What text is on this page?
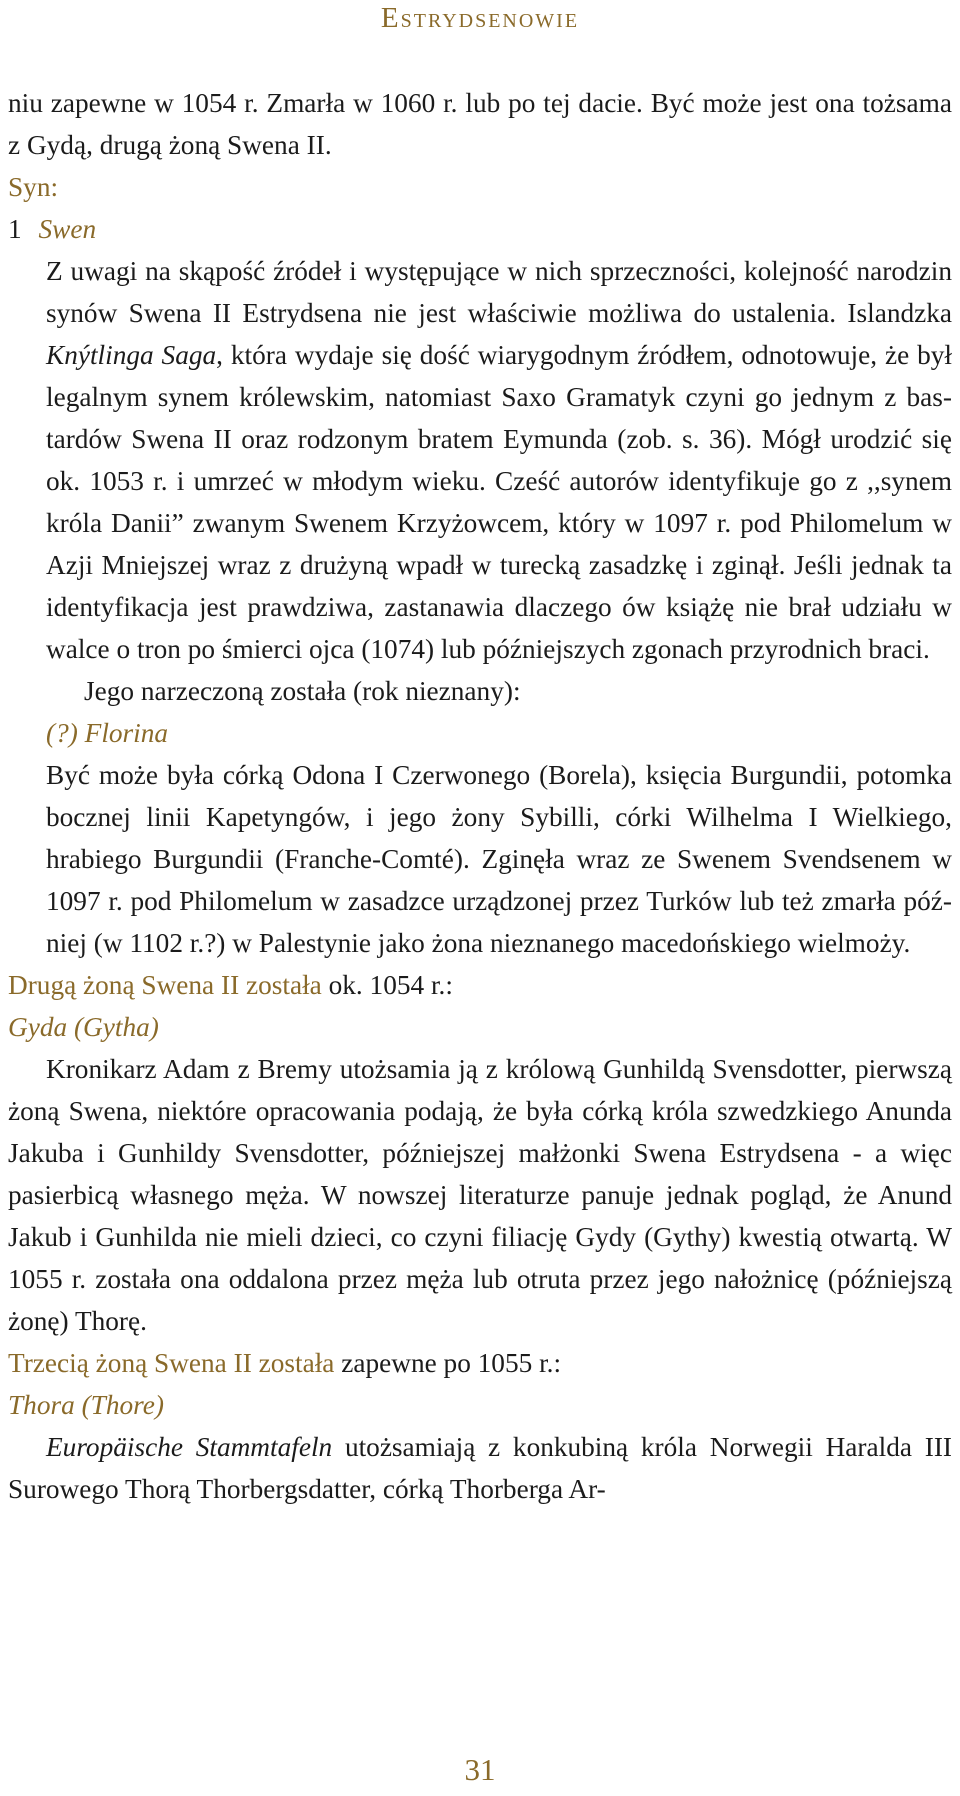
Estrydsenowie

niu zapewne w 1054 r. Zmarła w 1060 r. lub po tej dacie. Być może jest ona tożsama z Gydą, drugą żoną Swena II.

Syn:

1 Swen

Z uwagi na skąpość źródeł i występujące w nich sprzeczności, kolejność narodzin synów Swena II Estrydsena nie jest właściwie możliwa do ustalenia. Islandzka Knýtlinga Saga, która wydaje się dość wiarygodnym źródłem, odnotowuje, że był legalnym synem królewskim, natomiast Saxo Gramatyk czyni go jednym z bastardów Swena II oraz rodzonym bratem Eymunda (zob. s. 36). Mógł urodzić się ok. 1053 r. i umrzeć w młodym wieku. Cześć autorów identyfikuje go z ,,synem króla Danii” zwanym Swenem Krzyżowcem, który w 1097 r. pod Philomelum w Azji Mniejszej wraz z drużyną wpadł w turecką zasadzkę i zginął. Jeśli jednak ta identyfikacja jest prawdziwa, zastanawia dlaczego ów książę nie brał udziału w walce o tron po śmierci ojca (1074) lub późniejszych zgonach przyrodnich braci.

Jego narzeczoną została (rok nieznany):

(?) Florina

Być może była córką Odona I Czerwonego (Borela), księcia Burgundii, potomka bocznej linii Kapetyngów, i jego żony Sybilli, córki Wilhelma I Wielkiego, hrabiego Burgundii (Franche-Comté). Zginęła wraz ze Swenem Svendsenem w 1097 r. pod Philomelum w zasadzce urządzonej przez Turków lub też zmarła później (w 1102 r.?) w Palestynie jako żona nieznanego macedońskiego wielmoży.

Drugą żoną Swena II została ok. 1054 r.:

Gyda (Gytha)

Kronikarz Adam z Bremy utożsamia ją z królową Gunhildą Svensdotter, pierwszą żoną Swena, niektóre opracowania podają, że była córką króla szwedzkiego Anunda Jakuba i Gunhildy Svensdotter, późniejszej małżonki Swena Estrydsena - a więc pasierbicą własnego męża. W nowszej literaturze panuje jednak pogląd, że Anund Jakub i Gunhilda nie mieli dzieci, co czyni filiację Gydy (Gythy) kwestią otwartą. W 1055 r. została ona oddalona przez męża lub otruta przez jego nałożnicę (późniejszą żonę) Thorę.

Trzecią żoną Swena II została zapewne po 1055 r.:

Thora (Thore)

Europäische Stammtafeln utożsamiają z konkubiną króla Norwegii Haralda III Surowego Thorą Thorbergsdatter, córką Thorberga Ar-

31
